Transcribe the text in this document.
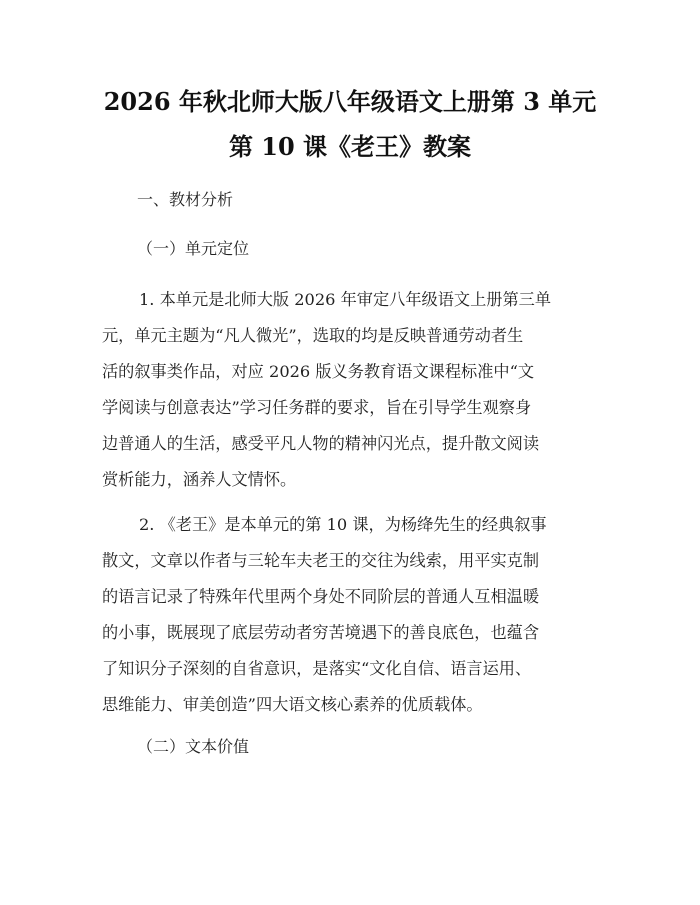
2026 年秋北师大版八年级语文上册第 3 单元
第 10 课《老王》教案
一、教材分析
（一）单元定位
1. 本单元是北师大版 2026 年审定八年级语文上册第三单
元，单元主题为“凡人微光”，选取的均是反映普通劳动者生
活的叙事类作品，对应 2026 版义务教育语文课程标准中“文
学阅读与创意表达”学习任务群的要求，旨在引导学生观察身
边普通人的生活，感受平凡人物的精神闪光点，提升散文阅读
赏析能力，涵养人文情怀。
2. 《老王》是本单元的第 10 课，为杨绛先生的经典叙事
散文，文章以作者与三轮车夫老王的交往为线索，用平实克制
的语言记录了特殊年代里两个身处不同阶层的普通人互相温暖
的小事，既展现了底层劳动者穷苦境遇下的善良底色，也蕴含
了知识分子深刻的自省意识，是落实“文化自信、语言运用、
思维能力、审美创造”四大语文核心素养的优质载体。
（二）文本价值
